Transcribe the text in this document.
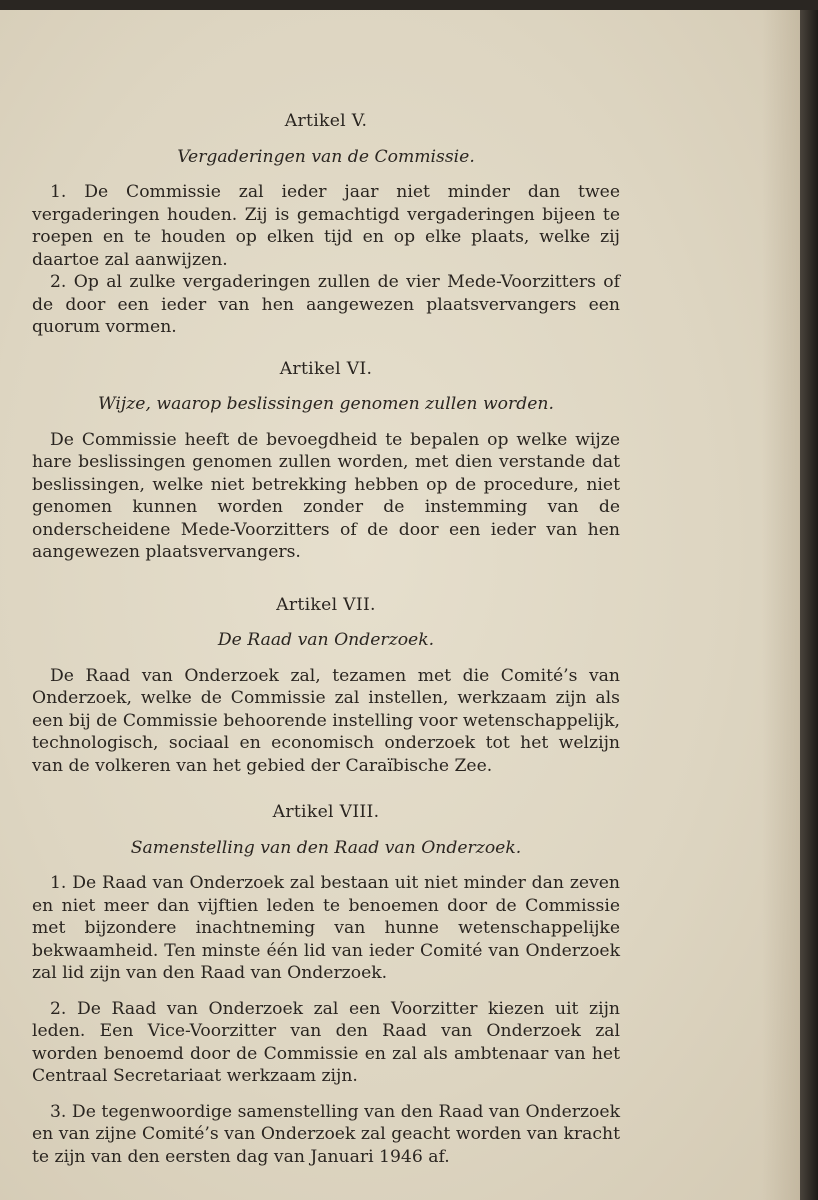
Artikel V.

Vergaderingen van de Commissie.

1. De Commissie zal ieder jaar niet minder dan twee vergaderingen houden. Zij is gemachtigd vergaderingen bijeen te roepen en te houden op elken tijd en op elke plaats, welke zij daartoe zal aanwijzen.

2. Op al zulke vergaderingen zullen de vier Mede-Voorzitters of de door een ieder van hen aangewezen plaatsvervangers een quorum vormen.

Artikel VI.

Wijze, waarop beslissingen genomen zullen worden.

De Commissie heeft de bevoegdheid te bepalen op welke wijze hare beslissingen genomen zullen worden, met dien verstande dat beslissingen, welke niet betrekking hebben op de procedure, niet genomen kunnen worden zonder de instemming van de onderscheidene Mede-Voorzitters of de door een ieder van hen aangewezen plaatsvervangers.

Artikel VII.

De Raad van Onderzoek.

De Raad van Onderzoek zal, tezamen met die Comité’s van Onderzoek, welke de Commissie zal instellen, werkzaam zijn als een bij de Commissie behoorende instelling voor wetenschappelijk, technologisch, sociaal en economisch onderzoek tot het welzijn van de volkeren van het gebied der Caraïbische Zee.

Artikel VIII.

Samenstelling van den Raad van Onderzoek.

1. De Raad van Onderzoek zal bestaan uit niet minder dan zeven en niet meer dan vijftien leden te benoemen door de Commissie met bijzondere inachtneming van hunne wetenschappelijke bekwaamheid. Ten minste één lid van ieder Comité van Onderzoek zal lid zijn van den Raad van Onderzoek.

2. De Raad van Onderzoek zal een Voorzitter kiezen uit zijn leden. Een Vice-Voorzitter van den Raad van Onderzoek zal worden benoemd door de Commissie en zal als ambtenaar van het Centraal Secretariaat werkzaam zijn.

3. De tegenwoordige samenstelling van den Raad van Onderzoek en van zijne Comité’s van Onderzoek zal geacht worden van kracht te zijn van den eersten dag van Januari 1946 af.
